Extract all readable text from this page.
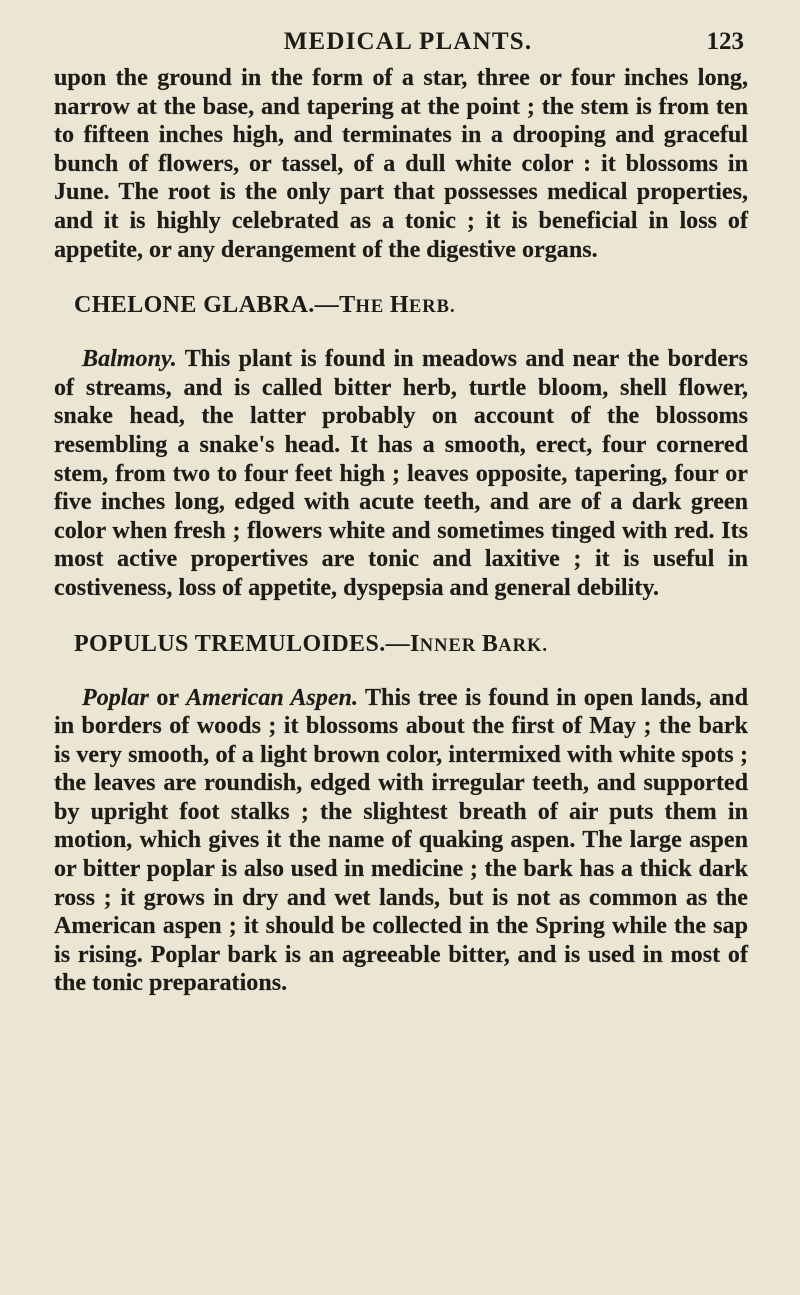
MEDICAL PLANTS.	123

upon the ground in the form of a star, three or four inches long, narrow at the base, and tapering at the point ; the stem is from ten to fifteen inches high, and terminates in a drooping and graceful bunch of flowers, or tassel, of a dull white color : it blossoms in June. The root is the only part that possesses medical properties, and it is highly celebrated as a tonic ; it is beneficial in loss of appetite, or any derangement of the digestive organs.

CHELONE GLABRA.—THE HERB.

Balmony. This plant is found in meadows and near the borders of streams, and is called bitter herb, turtle bloom, shell flower, snake head, the latter probably on account of the blossoms resembling a snake's head. It has a smooth, erect, four cornered stem, from two to four feet high ; leaves opposite, tapering, four or five inches long, edged with acute teeth, and are of a dark green color when fresh ; flowers white and sometimes tinged with red. Its most active propertives are tonic and laxitive ; it is useful in costiveness, loss of appetite, dyspepsia and general debility.

POPULUS TREMULOIDES.—INNER BARK.

Poplar or American Aspen. This tree is found in open lands, and in borders of woods ; it blossoms about the first of May ; the bark is very smooth, of a light brown color, intermixed with white spots ; the leaves are roundish, edged with irregular teeth, and supported by upright foot stalks ; the slightest breath of air puts them in motion, which gives it the name of quaking aspen. The large aspen or bitter poplar is also used in medicine ; the bark has a thick dark ross ; it grows in dry and wet lands, but is not as common as the American aspen ; it should be collected in the Spring while the sap is rising. Poplar bark is an agreeable bitter, and is used in most of the tonic preparations.
